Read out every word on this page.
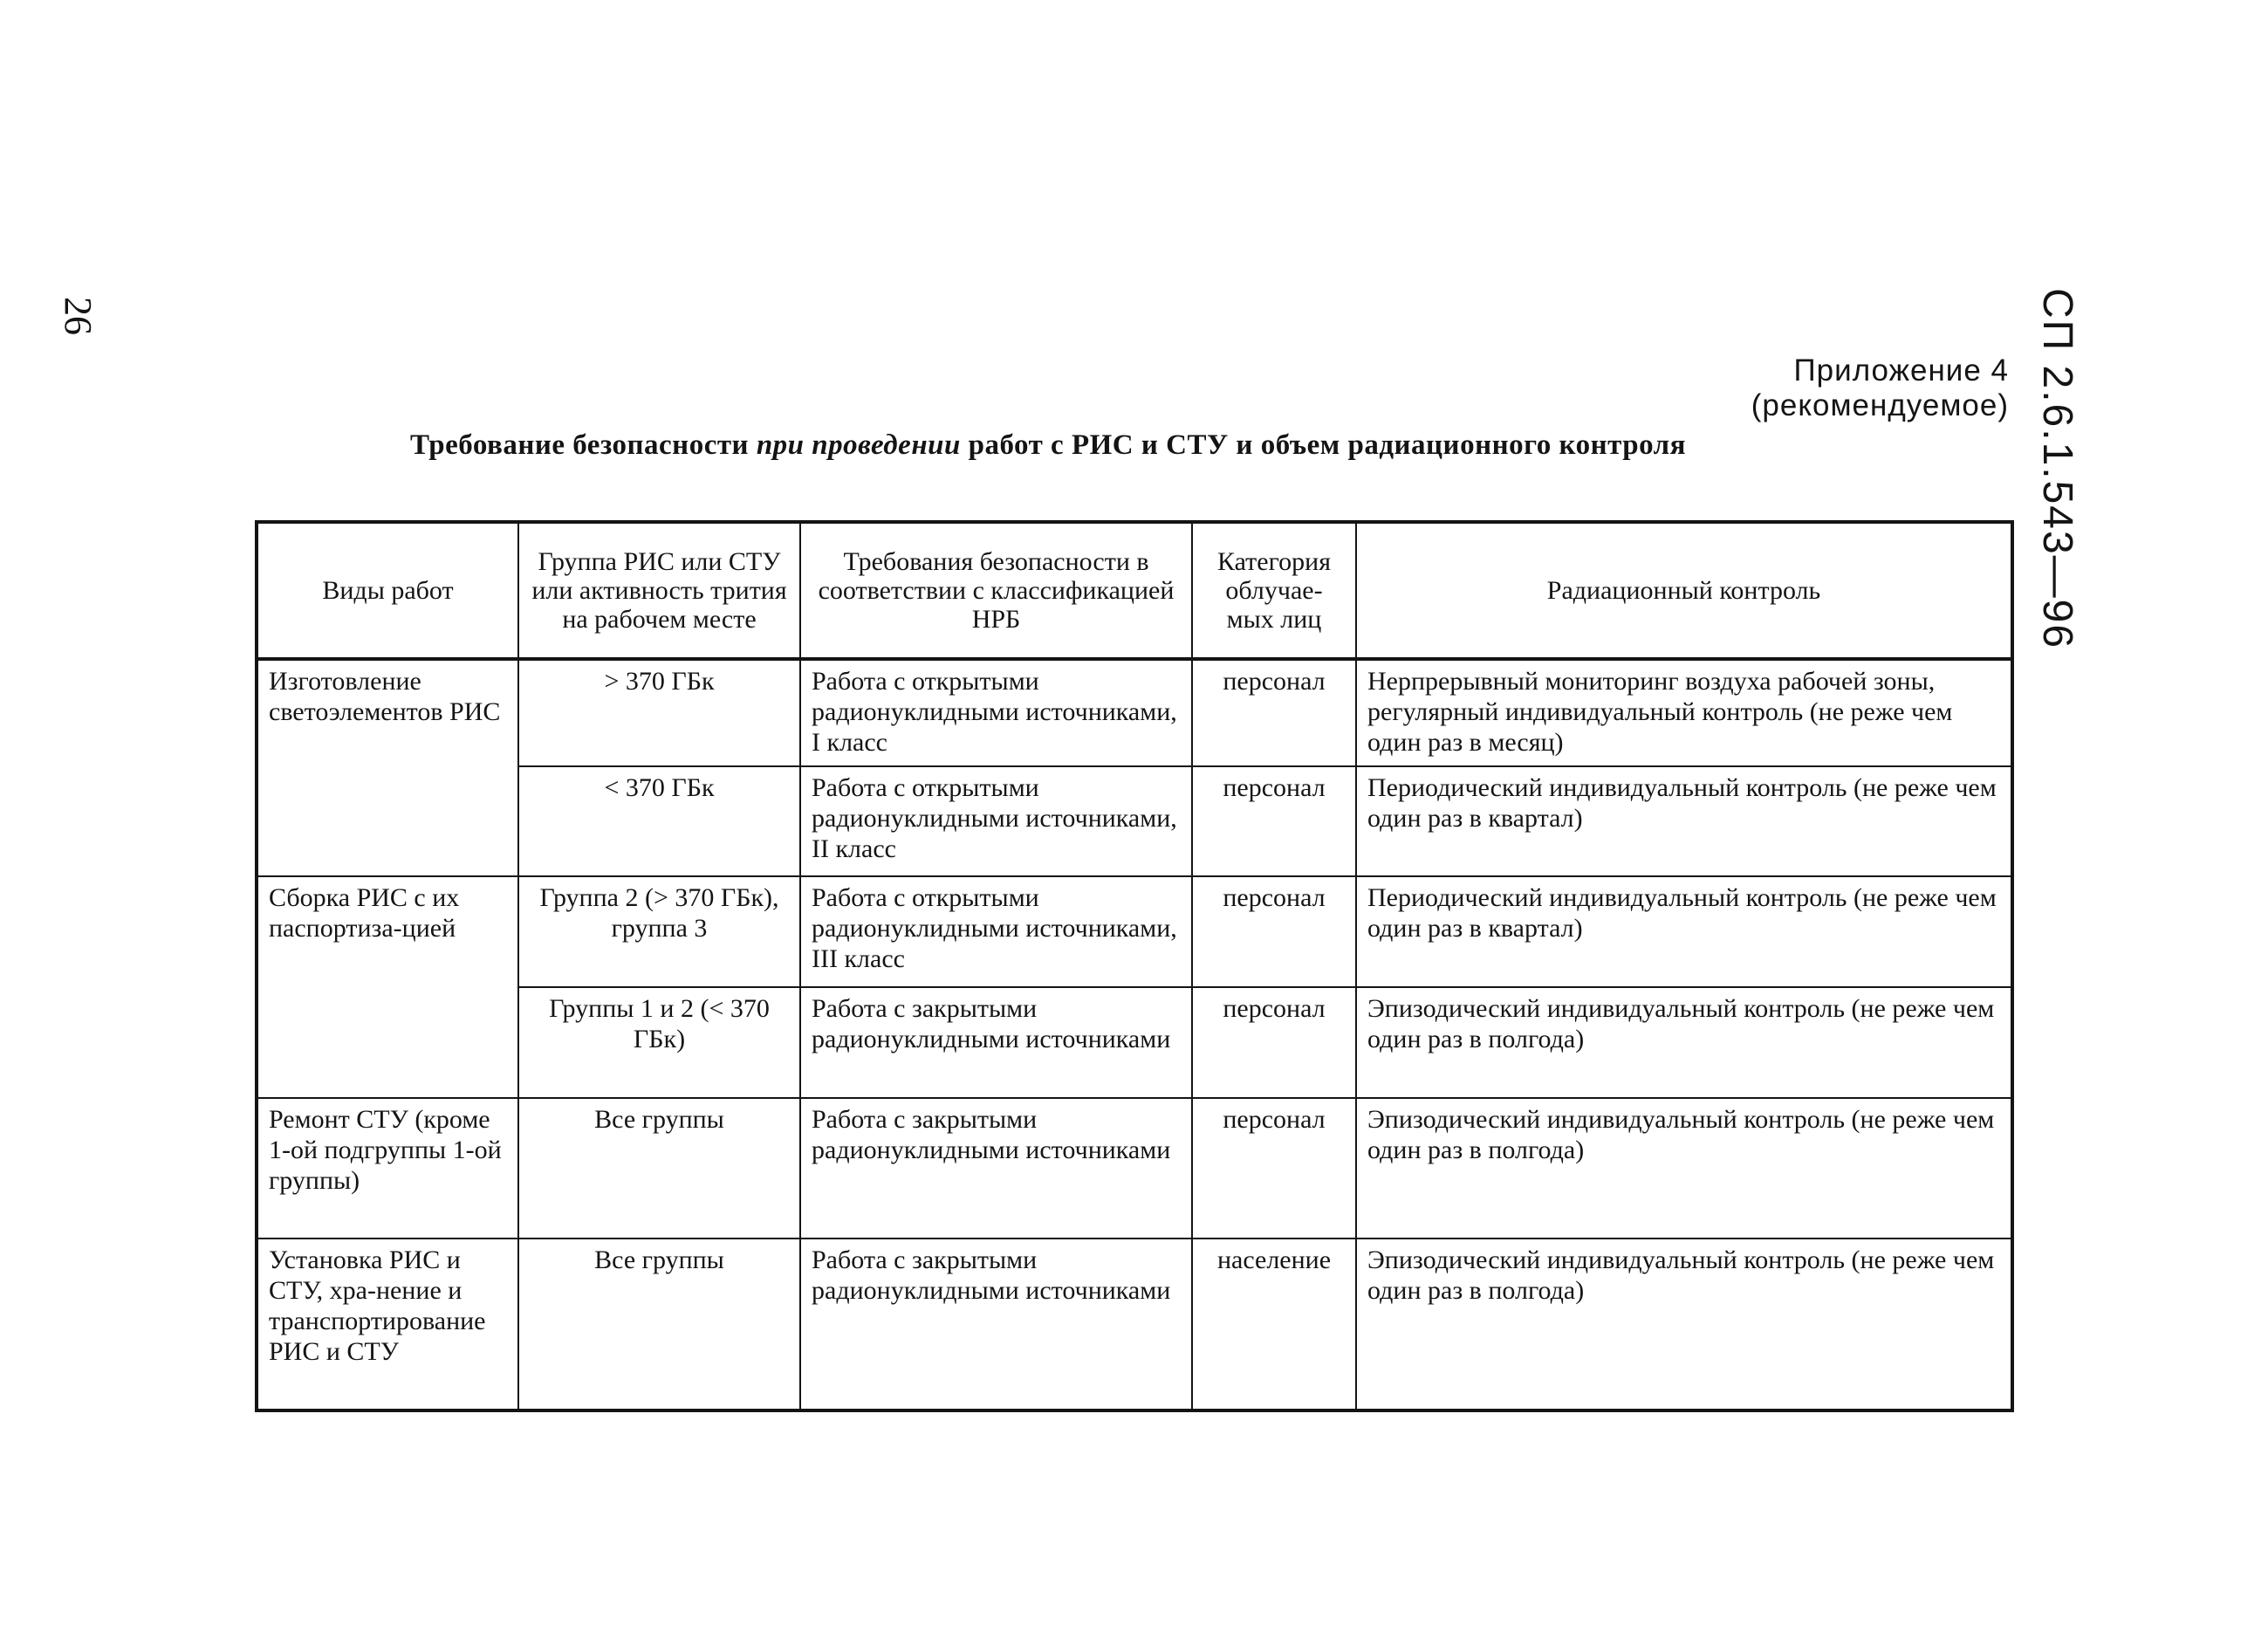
26	СП 2.6.1.543—96
Приложение 4
(рекомендуемое)
Требование безопасности при проведении работ с РИС и СТУ и объем радиационного контроля
Виды работ	Группа РИС или СТУ или активность трития на рабочем месте	Требования безопасности в соответствии с классификацией НРБ	Категория облучае-мых лиц	Радиационный контроль
Изготовление светоэлементов РИС	> 370 ГБк	Работа с открытыми радионуклидными источниками, I класс	персонал	Нерпрерывный мониторинг воздуха рабочей зоны, регулярный индивидуальный контроль (не реже чем один раз в месяц)
	< 370 ГБк	Работа с открытыми радионуклидными источниками, II класс	персонал	Периодический индивидуальный контроль (не реже чем один раз в квартал)
Сборка РИС с их паспортиза-цией	Группа 2 (> 370 ГБк), группа 3	Работа с открытыми радионуклидными источниками, III класс	персонал	Периодический индивидуальный контроль (не реже чем один раз в квартал)
	Группы 1 и 2 (< 370 ГБк)	Работа с закрытыми радионуклидными источниками	персонал	Эпизодический индивидуальный контроль (не реже чем один раз в полгода)
Ремонт СТУ (кроме 1-ой подгруппы 1-ой группы)	Все группы	Работа с закрытыми радионуклидными источниками	персонал	Эпизодический индивидуальный контроль (не реже чем один раз в полгода)
Установка РИС и СТУ, хра-нение и транспортирование РИС и СТУ	Все группы	Работа с закрытыми радионуклидными источниками	население	Эпизодический индивидуальный контроль (не реже чем один раз в полгода)
